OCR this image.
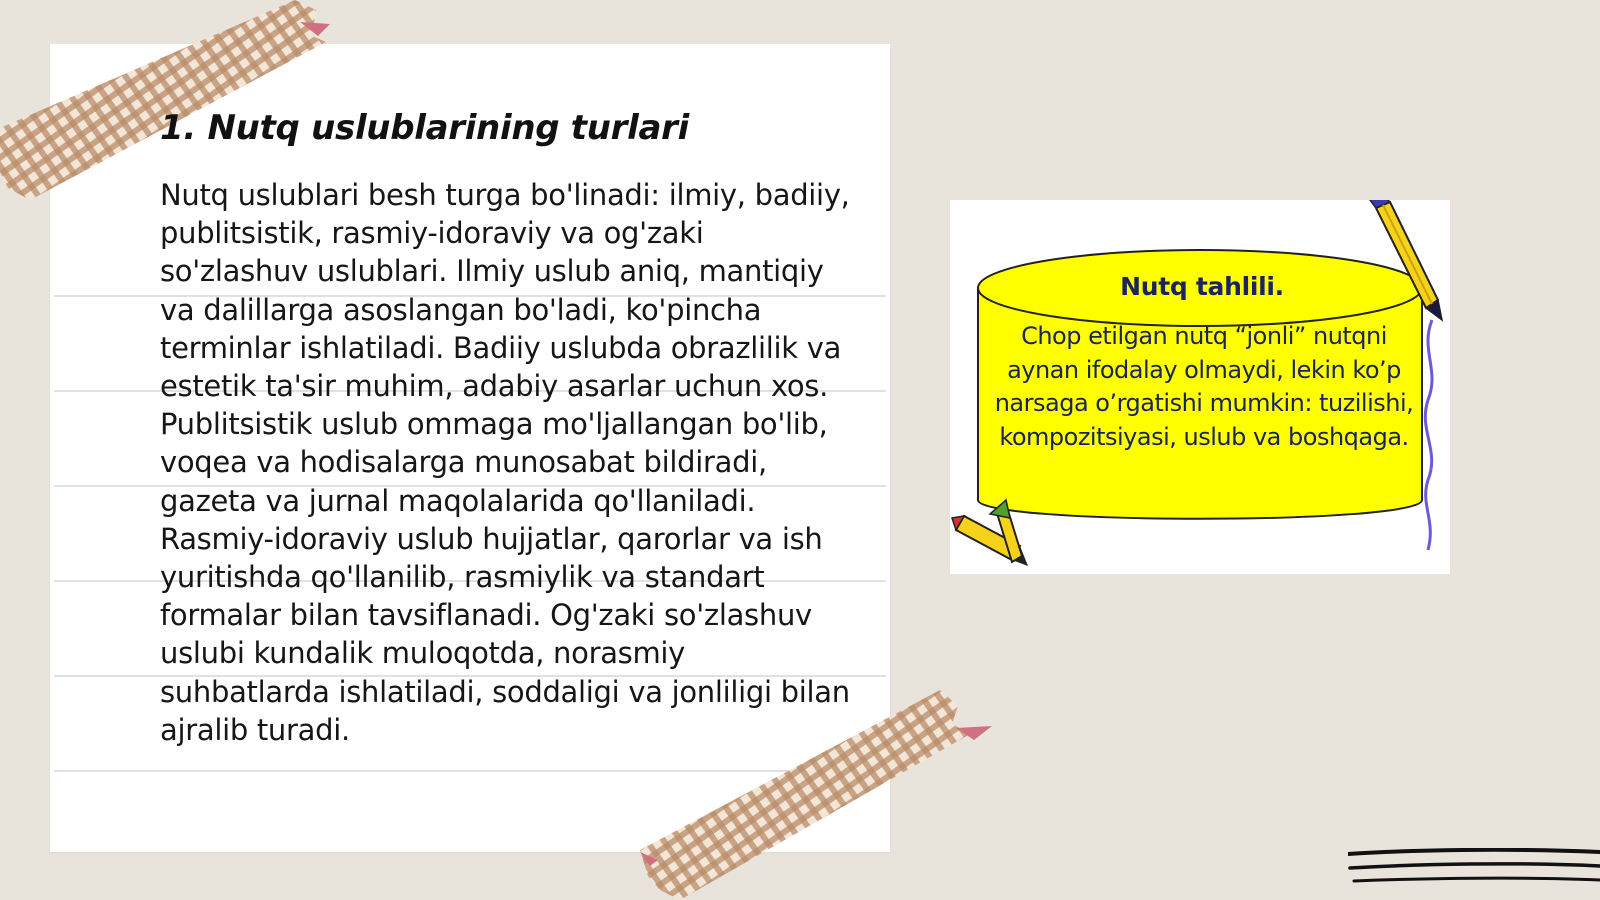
1. Nutq uslublarining turlari

Nutq uslublari besh turga bo'linadi: ilmiy, badiiy, publitsistik, rasmiy-idoraviy va og'zaki so'zlashuv uslublari. Ilmiy uslub aniq, mantiqiy va dalillarga asoslangan bo'ladi, ko'pincha terminlar ishlatiladi. Badiiy uslubda obrazlilik va estetik ta'sir muhim, adabiy asarlar uchun xos. Publitsistik uslub ommaga mo'ljallangan bo'lib, voqea va hodisalarga munosabat bildiradi, gazeta va jurnal maqolalarida qo'llaniladi. Rasmiy-idoraviy uslub hujjatlar, qarorlar va ish yuritishda qo'llanilib, rasmiylik va standart formalar bilan tavsiflanadi. Og'zaki so'zlashuv uslubi kundalik muloqotda, norasmiy suhbatlarda ishlatiladi, soddaligi va jonliligi bilan ajralib turadi.

Nutq tahlili.
Chop etilgan nutq “jonli” nutqni aynan ifodalay olmaydi, lekin ko’p narsaga o’rgatishi mumkin: tuzilishi, kompozitsiyasi, uslub va boshqaga.
